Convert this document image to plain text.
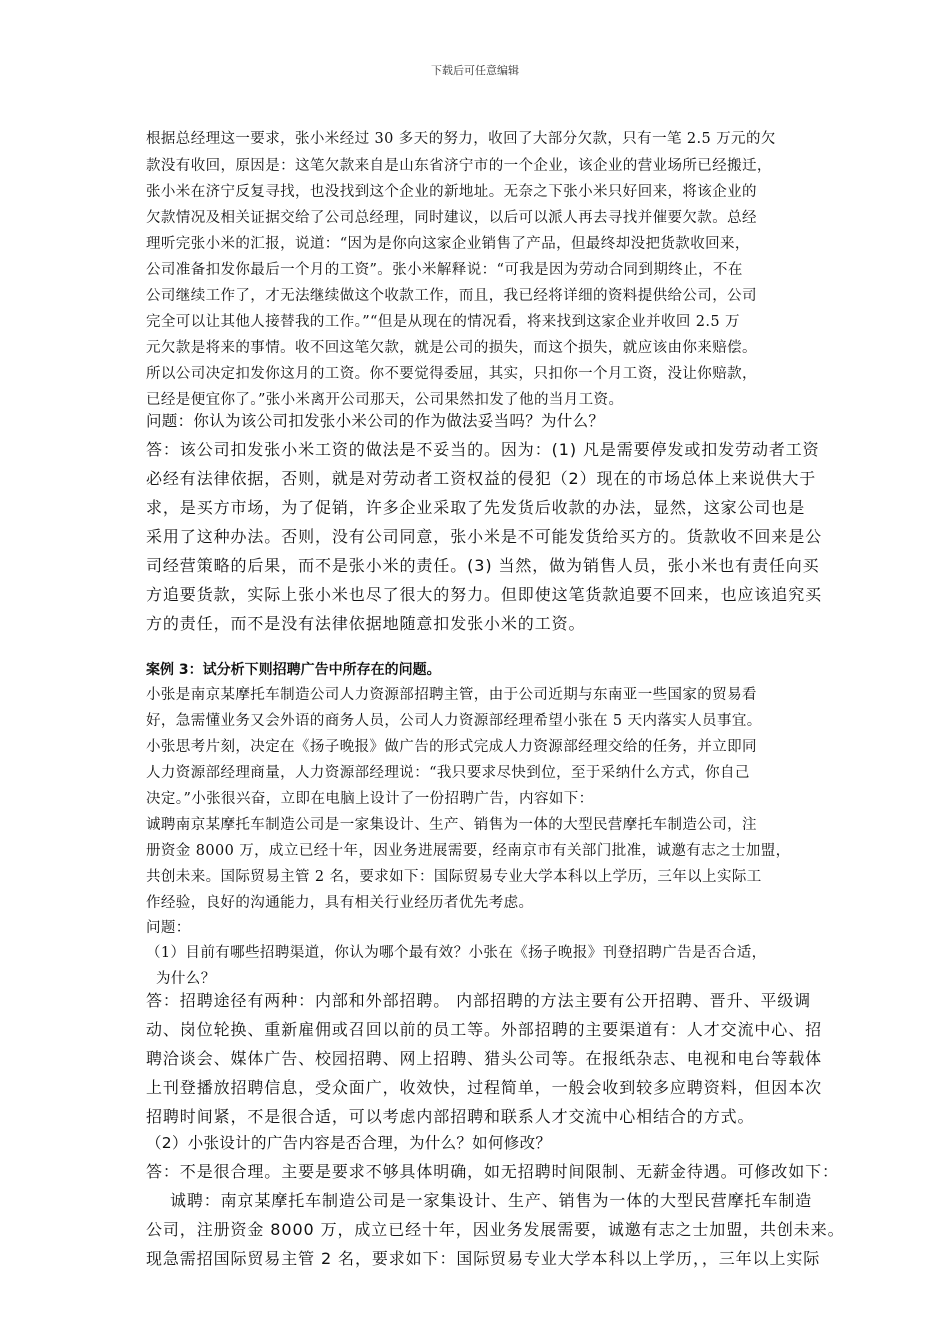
下载后可任意编辑
根据总经理这一要求，张小米经过 30 多天的努力，收回了大部分欠款，只有一笔 2.5 万元的欠
款没有收回，原因是：这笔欠款来自是山东省济宁市的一个企业，该企业的营业场所已经搬迁，
张小米在济宁反复寻找，也没找到这个企业的新地址。无奈之下张小米只好回来，将该企业的
欠款情况及相关证据交给了公司总经理，同时建议，以后可以派人再去寻找并催要欠款。总经
理听完张小米的汇报，说道：“因为是你向这家企业销售了产品，但最终却没把货款收回来，
公司准备扣发你最后一个月的工资”。张小米解释说：“可我是因为劳动合同到期终止，不在
公司继续工作了，才无法继续做这个收款工作，而且，我已经将详细的资料提供给公司，公司
完全可以让其他人接替我的工作。”“但是从现在的情况看，将来找到这家企业并收回 2.5 万
元欠款是将来的事情。收不回这笔欠款，就是公司的损失，而这个损失，就应该由你来赔偿。
所以公司决定扣发你这月的工资。你不要觉得委屈，其实，只扣你一个月工资，没让你赔款，
已经是便宜你了。”张小米离开公司那天，公司果然扣发了他的当月工资。
问题：你认为该公司扣发张小米公司的作为做法妥当吗？为什么？
答：该公司扣发张小米工资的做法是不妥当的。因为：(1) 凡是需要停发或扣发劳动者工资
必经有法律依据，否则，就是对劳动者工资权益的侵犯（2）现在的市场总体上来说供大于
求，是买方市场，为了促销，许多企业采取了先发货后收款的办法，显然，这家公司也是
采用了这种办法。否则，没有公司同意，张小米是不可能发货给买方的。货款收不回来是公
司经营策略的后果，而不是张小米的责任。(3) 当然，做为销售人员，张小米也有责任向买
方追要货款，实际上张小米也尽了很大的努力。但即使这笔货款追要不回来，也应该追究买
方的责任，而不是没有法律依据地随意扣发张小米的工资。
案例 3：试分析下则招聘广告中所存在的问题。
小张是南京某摩托车制造公司人力资源部招聘主管，由于公司近期与东南亚一些国家的贸易看
好，急需懂业务又会外语的商务人员，公司人力资源部经理希望小张在 5 天内落实人员事宜。
小张思考片刻，决定在《扬子晚报》做广告的形式完成人力资源部经理交给的任务，并立即同
人力资源部经理商量，人力资源部经理说：“我只要求尽快到位，至于采纳什么方式，你自己
决定。”小张很兴奋，立即在电脑上设计了一份招聘广告，内容如下：
诚聘南京某摩托车制造公司是一家集设计、生产、销售为一体的大型民营摩托车制造公司，注
册资金 8000 万，成立已经十年，因业务进展需要，经南京市有关部门批准，诚邀有志之士加盟，
共创未来。国际贸易主管 2 名，要求如下：国际贸易专业大学本科以上学历，三年以上实际工
作经验，良好的沟通能力，具有相关行业经历者优先考虑。
问题：
（1）目前有哪些招聘渠道，你认为哪个最有效？小张在《扬子晚报》刊登招聘广告是否合适，
为什么？
答：招聘途径有两种：内部和外部招聘。 内部招聘的方法主要有公开招聘、晋升、平级调
动、岗位轮换、重新雇佣或召回以前的员工等。外部招聘的主要渠道有：人才交流中心、招
聘洽谈会、媒体广告、校园招聘、网上招聘、猎头公司等。在报纸杂志、电视和电台等载体
上刊登播放招聘信息，受众面广，收效快，过程简单，一般会收到较多应聘资料，但因本次
招聘时间紧，不是很合适，可以考虑内部招聘和联系人才交流中心相结合的方式。
（2）小张设计的广告内容是否合理，为什么？如何修改？
答：不是很合理。主要是要求不够具体明确，如无招聘时间限制、无薪金待遇。可修改如下：
诚聘：南京某摩托车制造公司是一家集设计、生产、销售为一体的大型民营摩托车制造
公司，注册资金 8000 万，成立已经十年，因业务发展需要，诚邀有志之士加盟，共创未来。
现急需招国际贸易主管 2 名，要求如下：国际贸易专业大学本科以上学历，，三年以上实际
